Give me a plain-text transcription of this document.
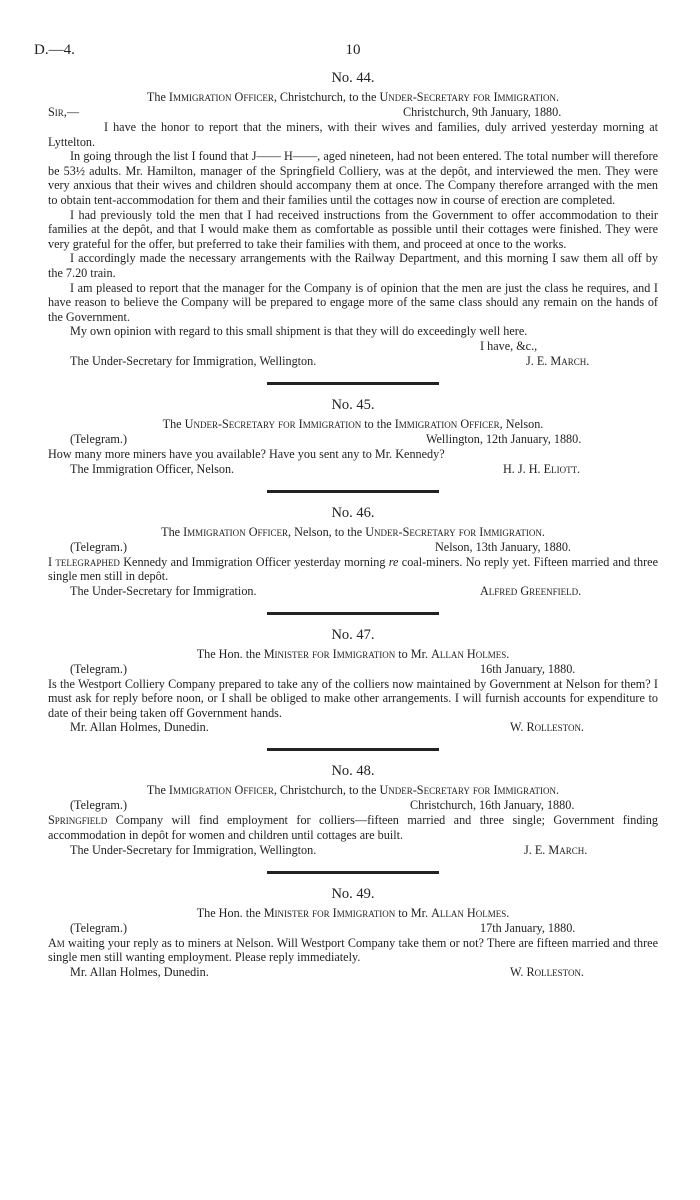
D.—4.	10
No. 44.
The Immigration Officer, Christchurch, to the Under-Secretary for Immigration.
Sir,—	Christchurch, 9th January, 1880.

I have the honor to report that the miners, with their wives and families, duly arrived yesterday morning at Lyttelton.

In going through the list I found that J—— H——, aged nineteen, had not been entered. The total number will therefore be 53½ adults. Mr. Hamilton, manager of the Springfield Colliery, was at the depôt, and interviewed the men. They were very anxious that their wives and children should accompany them at once. The Company therefore arranged with the men to obtain tent-accommodation for them and their families until the cottages now in course of erection are completed.

I had previously told the men that I had received instructions from the Government to offer accommodation to their families at the depôt, and that I would make them as comfortable as possible until their cottages were finished. They were very grateful for the offer, but preferred to take their families with them, and proceed at once to the works.

I accordingly made the necessary arrangements with the Railway Department, and this morning I saw them all off by the 7.20 train.

I am pleased to report that the manager for the Company is of opinion that the men are just the class he requires, and I have reason to believe the Company will be prepared to engage more of the same class should any remain on the hands of the Government.

My own opinion with regard to this small shipment is that they will do exceedingly well here.

I have, &c.,
The Under-Secretary for Immigration, Wellington.	J. E. March.
No. 45.
The Under-Secretary for Immigration to the Immigration Officer, Nelson.
(Telegram.)	Wellington, 12th January, 1880.

How many more miners have you available? Have you sent any to Mr. Kennedy?

The Immigration Officer, Nelson.	H. J. H. Eliott.
No. 46.
The Immigration Officer, Nelson, to the Under-Secretary for Immigration.
(Telegram.)	Nelson, 13th January, 1880.

I telegraphed Kennedy and Immigration Officer yesterday morning re coal-miners. No reply yet. Fifteen married and three single men still in depôt.

The Under-Secretary for Immigration.	Alfred Greenfield.
No. 47.
The Hon. the Minister for Immigration to Mr. Allan Holmes.
(Telegram.)	16th January, 1880.

Is the Westport Colliery Company prepared to take any of the colliers now maintained by Government at Nelson for them? I must ask for reply before noon, or I shall be obliged to make other arrangements. I will furnish accounts for expenditure to date of their being taken off Government hands.

Mr. Allan Holmes, Dunedin.	W. Rolleston.
No. 48.
The Immigration Officer, Christchurch, to the Under-Secretary for Immigration.
(Telegram.)	Christchurch, 16th January, 1880.

Springfield Company will find employment for colliers—fifteen married and three single; Government finding accommodation in depôt for women and children until cottages are built.

The Under-Secretary for Immigration, Wellington.	J. E. March.
No. 49.
The Hon. the Minister for Immigration to Mr. Allan Holmes.
(Telegram.)	17th January, 1880.

Am waiting your reply as to miners at Nelson. Will Westport Company take them or not? There are fifteen married and three single men still wanting employment. Please reply immediately.

Mr. Allan Holmes, Dunedin.	W. Rolleston.
